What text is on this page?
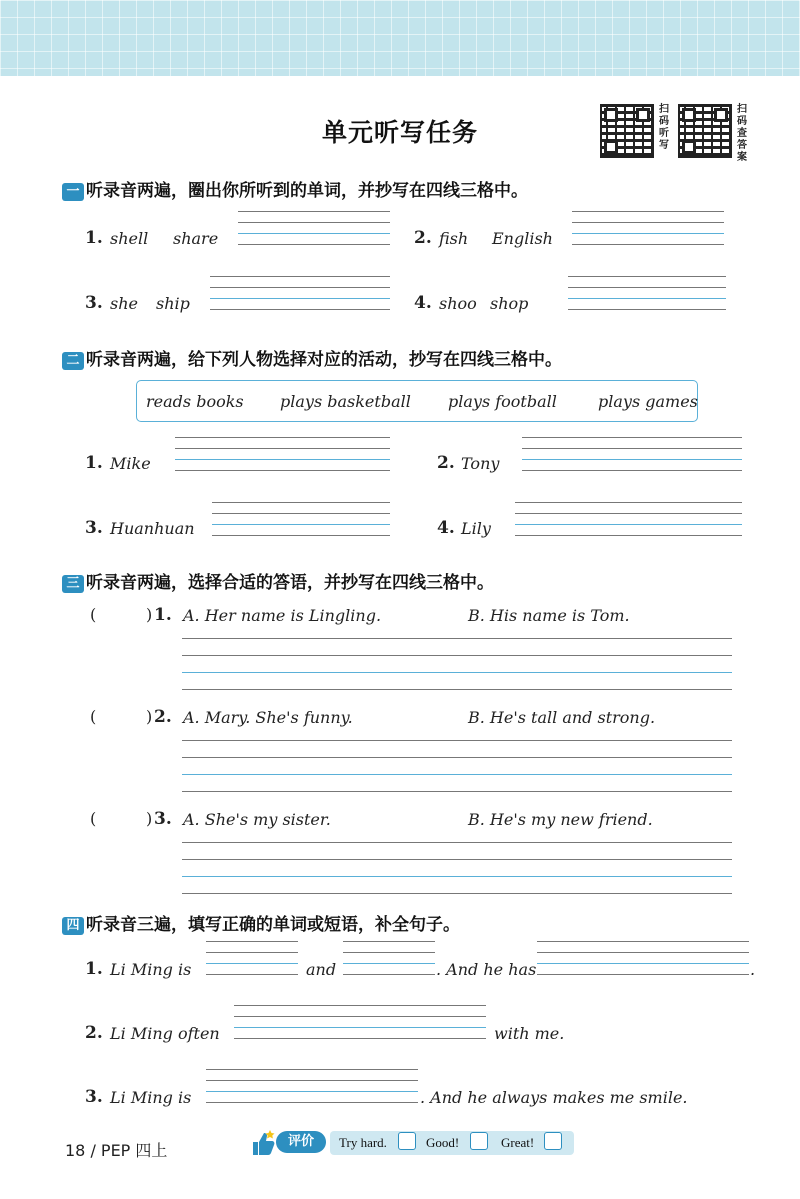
单元听写任务
扫码听写
扫码查答案
一 听录音两遍，圈出你所听到的单词，并抄写在四线三格中。
1. shell share	2. fish English
3. she ship	4. shoo shop
二 听录音两遍，给下列人物选择对应的活动，抄写在四线三格中。
reads books plays basketball plays football	plays games
1. Mike	2. Tony
3. Huanhuan	4. Lily
三 听录音两遍，选择合适的答语，并抄写在四线三格中。
(	) 1. A. Her name is Lingling.	B. His name is Tom.
(	) 2. A. Mary. She's funny.	B. He's tall and strong.
(	) 3. A. She's my sister.	B. He's my new friend.
四 听录音三遍，填写正确的单词或短语，补全句子。
1. Li Ming is	and	. And he has	.
2. Li Ming often	with me.
3. Li Ming is	. And he always makes me smile.
18 / PEP 四上	评价	Try hard.	Good!	Great!
